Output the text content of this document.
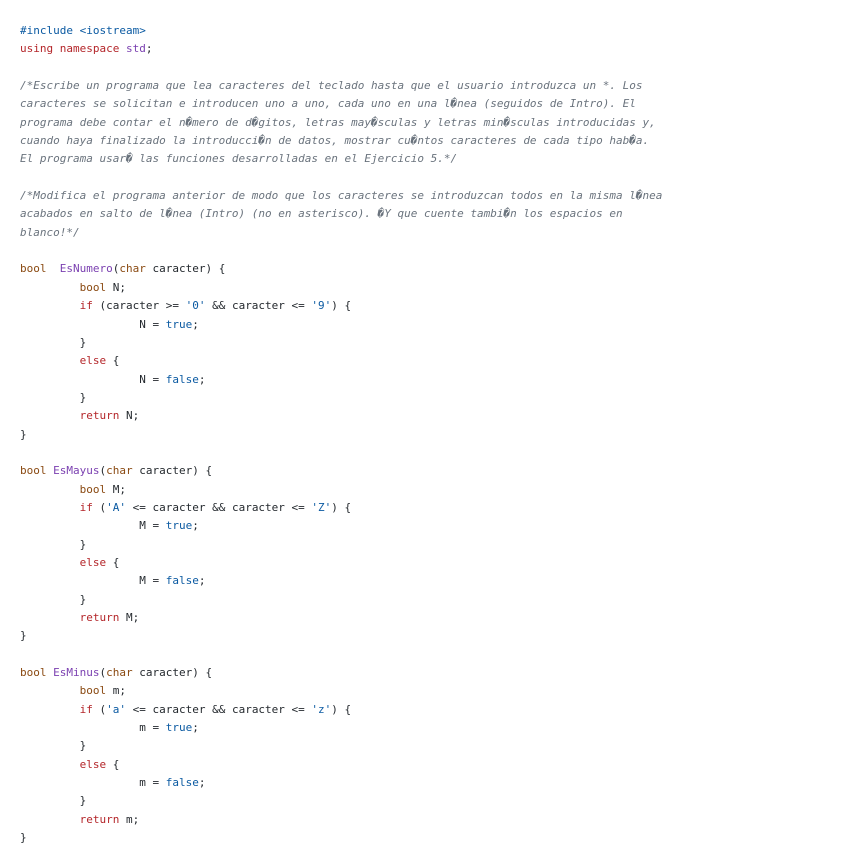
#include <iostream>
using namespace std;

/*Escribe un programa que lea caracteres del teclado hasta que el usuario introduzca un *. Los
caracteres se solicitan e introducen uno a uno, cada uno en una l�nea (seguidos de Intro). El
programa debe contar el n�mero de d�gitos, letras may�sculas y letras min�sculas introducidas y,
cuando haya finalizado la introducci�n de datos, mostrar cu�ntos caracteres de cada tipo hab�a.
El programa usar� las funciones desarrolladas en el Ejercicio 5.*/

/*Modifica el programa anterior de modo que los caracteres se introduzcan todos en la misma l�nea
acabados en salto de l�nea (Intro) (no en asterisco). �Y que cuente tambi�n los espacios en
blanco!*/

bool EsNumero(char caracter) {
bool N;
if (caracter >= '0' && caracter <= '9') {
N = true;
}
else {
N = false;
}
return N;
}

bool EsMayus(char caracter) {
bool M;
if ('A' <= caracter && caracter <= 'Z') {
M = true;
}
else {
M = false;
}
return M;
}

bool EsMinus(char caracter) {
bool m;
if ('a' <= caracter && caracter <= 'z') {
m = true;
}
else {
m = false;
}
return m;
}
